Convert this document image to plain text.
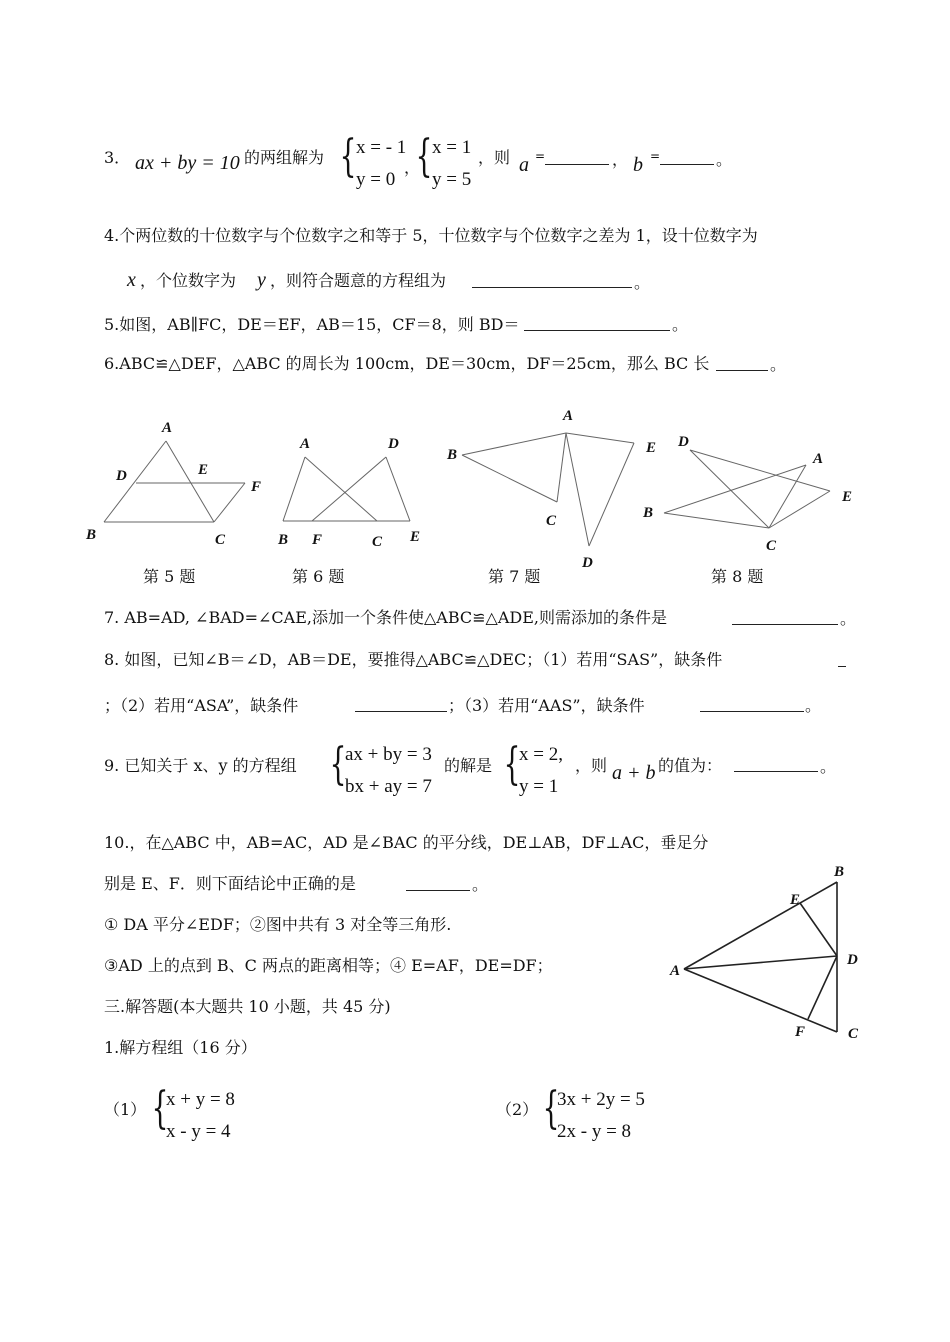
3． ax + by = 10 的两组解为 { x = - 1
y = 0
，
{ x = 1
y = 5
，则 a =	， b =	。
4.个两位数的十位数字与个位数字之和等于 5，十位数字与个位数字之差为 1，设十位数字为
x ，个位数字为 y ，则符合题意的方程组为	。
5.如图，AB∥FC，DE＝EF，AB＝15，CF＝8，则 BD＝	。
6.ABC≌△DEF，△ABC 的周长为 100cm，DE＝30cm，DF＝25cm，那么 BC 长	。
A
D	E
F
B	C
A	D
B F	C E
A
B	E
C
D
D
A
B
E
C
第 5 题	第 6 题	第 7 题	第 8 题
7. AB=AD, ∠BAD=∠CAE,添加一个条件使△ABC≌△ADE,则需添加的条件是	。
8. 如图，已知∠B＝∠D，AB＝DE，要推得△ABC≌△DEC；（1）若用“SAS”，缺条件
；（2）若用“ASA”，缺条件	；（3）若用“AAS”，缺条件	。
9. 已知关于 x、y 的方程组 {
ax + by = 3
bx + ay = 7
的解是 {
x = 2,
y = 1
，则 a + b 的值为：	。
10.，在△ABC 中，AB=AC，AD 是∠BAC 的平分线，DE⊥AB，DF⊥AC，垂足分
别是 E、F．则下面结论中正确的是	。
① DA 平分∠EDF；②图中共有 3 对全等三角形.
③AD 上的点到 B、C 两点的距离相等；④ E=AF，DE=DF；
B
E
A
D
F	C
三.解答题(本大题共 10 小题，共 45 分)
1.解方程组（16 分）
（1） {
x + y = 8
x - y = 4
（2） {
3x + 2y = 5
2x - y = 8
